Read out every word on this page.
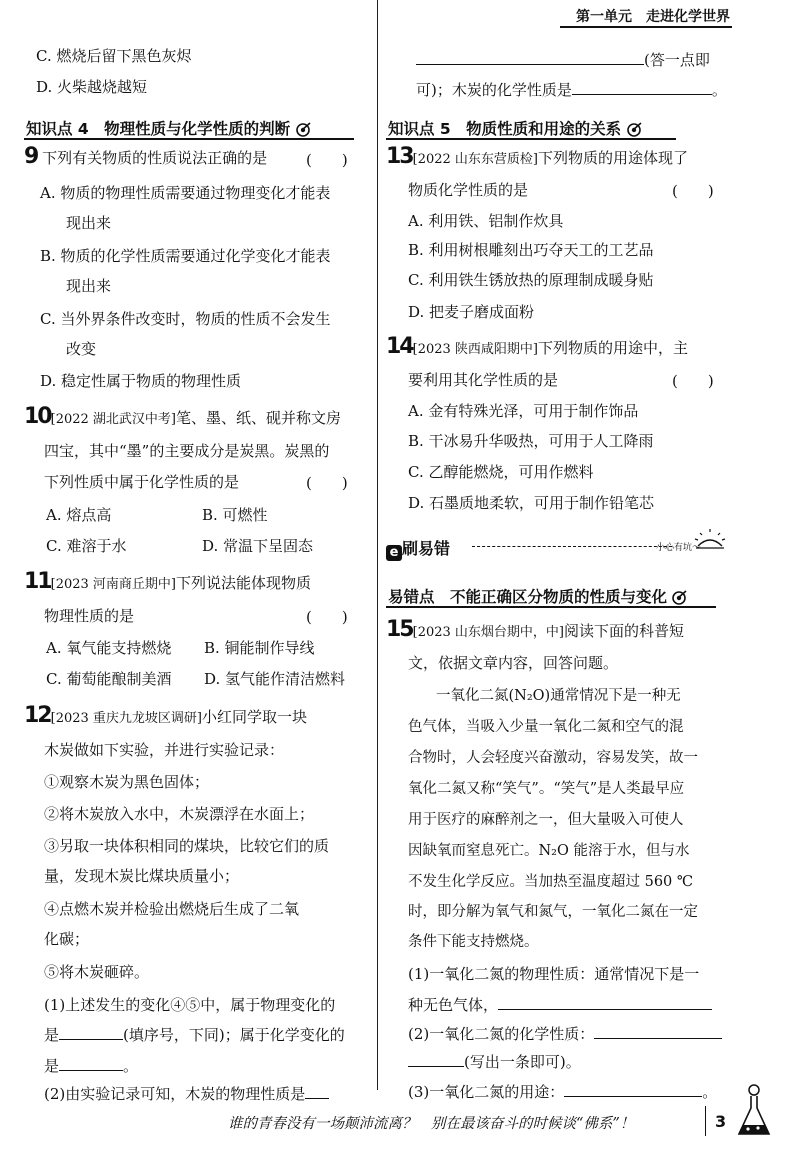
第一单元　走进化学世界
C. 燃烧后留下黑色灰烬
D. 火柴越烧越短
知识点 4　物理性质与化学性质的判断
9 下列有关物质的性质说法正确的是	(　　)
A. 物质的物理性质需要通过物理变化才能表
现出来
B. 物质的化学性质需要通过化学变化才能表
现出来
C. 当外界条件改变时，物质的性质不会发生
改变
D. 稳定性属于物质的物理性质
10[2022 湖北武汉中考]笔、墨、纸、砚并称文房
四宝，其中“墨”的主要成分是炭黑。炭黑的
下列性质中属于化学性质的是	(　　)
A. 熔点高	B. 可燃性
C. 难溶于水	D. 常温下呈固态
11[2023 河南商丘期中]下列说法能体现物质
物理性质的是	(　　)
A. 氧气能支持燃烧 B. 铜能制作导线
C. 葡萄能酿制美酒 D. 氢气能作清洁燃料
12[2023 重庆九龙坡区调研]小红同学取一块
木炭做如下实验，并进行实验记录：
①观察木炭为黑色固体；
②将木炭放入水中，木炭漂浮在水面上；
③另取一块体积相同的煤块，比较它们的质
量，发现木炭比煤块质量小；
④点燃木炭并检验出燃烧后生成了二氧
化碳；
⑤将木炭砸碎。
(1)上述发生的变化④⑤中，属于物理变化的
是	(填序号，下同)；属于化学变化的
是	。
(2)由实验记录可知，木炭的物理性质是
(答一点即
可)；木炭的化学性质是	。
知识点 5　物质性质和用途的关系
13[2022 山东东营质检]下列物质的用途体现了
物质化学性质的是	(　　)
A. 利用铁、铝制作炊具
B. 利用树根雕刻出巧夺天工的工艺品
C. 利用铁生锈放热的原理制成暖身贴
D. 把麦子磨成面粉
14[2023 陕西咸阳期中]下列物质的用途中，主
要利用其化学性质的是	(　　)
A. 金有特殊光泽，可用于制作饰品
B. 干冰易升华吸热，可用于人工降雨
C. 乙醇能燃烧，可用作燃料
D. 石墨质地柔软，可用于制作铅笔芯
e 刷易错	小心有坑～
易错点　不能正确区分物质的性质与变化
15[2023 山东烟台期中，中]阅读下面的科普短
文，依据文章内容，回答问题。
一氧化二氮(N₂O)通常情况下是一种无
色气体，当吸入少量一氧化二氮和空气的混
合物时，人会轻度兴奋激动，容易发笑，故一
氧化二氮又称“笑气”。“笑气”是人类最早应
用于医疗的麻醉剂之一，但大量吸入可使人
因缺氧而窒息死亡。N₂O 能溶于水，但与水
不发生化学反应。当加热至温度超过 560 ℃
时，即分解为氧气和氮气，一氧化二氮在一定
条件下能支持燃烧。
(1)一氧化二氮的物理性质：通常情况下是一
种无色气体，
(2)一氧化二氮的化学性质：
(写出一条即可)。
(3)一氧化二氮的用途：	。
谁的青春没有一场颠沛流离？　别在最该奋斗的时候谈“佛系”！	3
